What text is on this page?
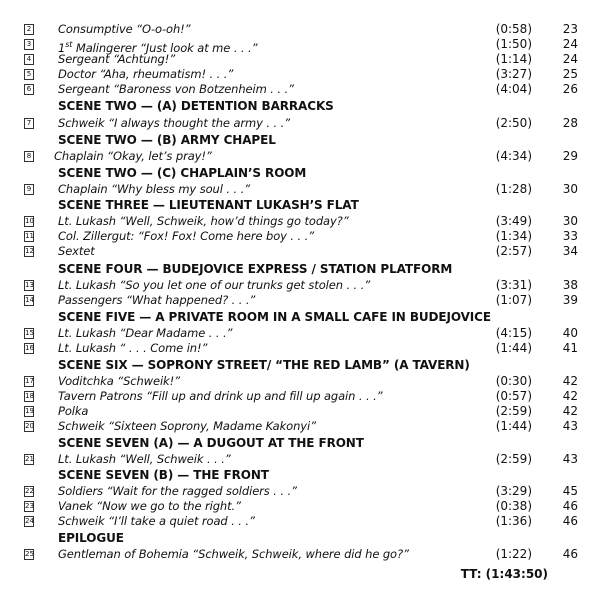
2 Consumptive “O-o-oh!”	(0:58)	23
3 1st Malingerer “Just look at me . . .”	(1:50)	24
4 Sergeant “Achtung!”	(1:14)	24
5 Doctor “Aha, rheumatism! . . .”	(3:27)	25
6 Sergeant “Baroness von Botzenheim . . .”	(4:04)	26
SCENE TWO — (A) DETENTION BARRACKS
7 Schweik “I always thought the army . . .”	(2:50)	28
SCENE TWO — (B) ARMY CHAPEL
8 Chaplain “Okay, let’s pray!”	(4:34)	29
SCENE TWO — (C) CHAPLAIN’S ROOM
9 Chaplain “Why bless my soul . . .”	(1:28)	30
SCENE THREE — LIEUTENANT LUKASH’S FLAT
10 Lt. Lukash “Well, Schweik, how’d things go today?”	(3:49)	30
11 Col. Zillergut: “Fox! Fox! Come here boy . . .”	(1:34)	33
12 Sextet	(2:57)	34
SCENE FOUR — BUDEJOVICE EXPRESS / STATION PLATFORM
13 Lt. Lukash “So you let one of our trunks get stolen . . .”	(3:31)	38
14 Passengers “What happened? . . .”	(1:07)	39
SCENE FIVE — A PRIVATE ROOM IN A SMALL CAFE IN BUDEJOVICE
15 Lt. Lukash “Dear Madame . . .”	(4:15)	40
16 Lt. Lukash “ . . . Come in!”	(1:44)	41
SCENE SIX — SOPRONY STREET/ “THE RED LAMB” (A TAVERN)
17 Voditchka “Schweik!”	(0:30)	42
18 Tavern Patrons “Fill up and drink up and fill up again . . .”	(0:57)	42
19 Polka	(2:59)	42
20 Schweik “Sixteen Soprony, Madame Kakonyi”	(1:44)	43
SCENE SEVEN (A) — A DUGOUT AT THE FRONT
21 Lt. Lukash “Well, Schweik . . .”	(2:59)	43
SCENE SEVEN (B) — THE FRONT
22 Soldiers “Wait for the ragged soldiers . . .”	(3:29)	45
23 Vanek “Now we go to the right.”	(0:38)	46
24 Schweik “I’ll take a quiet road . . .”	(1:36)	46
EPILOGUE
25 Gentleman of Bohemia “Schweik, Schweik, where did he go?”	(1:22)	46
TT: (1:43:50)
